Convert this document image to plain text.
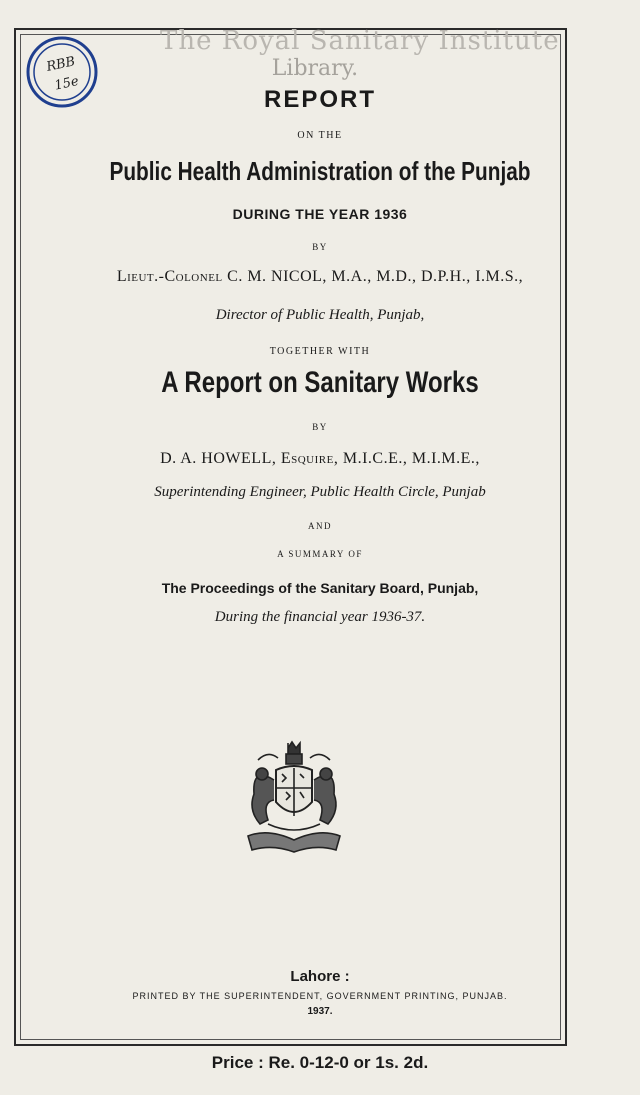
The Royal Sanitary Institute
Library.
RBB
15e
REPORT
ON THE
Public Health Administration of the Punjab
DURING THE YEAR 1936
BY
Lieut.-Colonel C. M. NICOL, M.A., M.D., D.P.H., I.M.S.,
Director of Public Health, Punjab,
TOGETHER WITH
A Report on Sanitary Works
BY
D. A. HOWELL, Esquire, M.I.C.E., M.I.M.E.,
Superintending Engineer, Public Health Circle, Punjab
AND
A SUMMARY OF
The Proceedings of the Sanitary Board, Punjab,
During the financial year 1936-37.
Lahore :
PRINTED BY THE SUPERINTENDENT, GOVERNMENT PRINTING, PUNJAB.
1937.
Price : Re. 0-12-0 or 1s. 2d.
